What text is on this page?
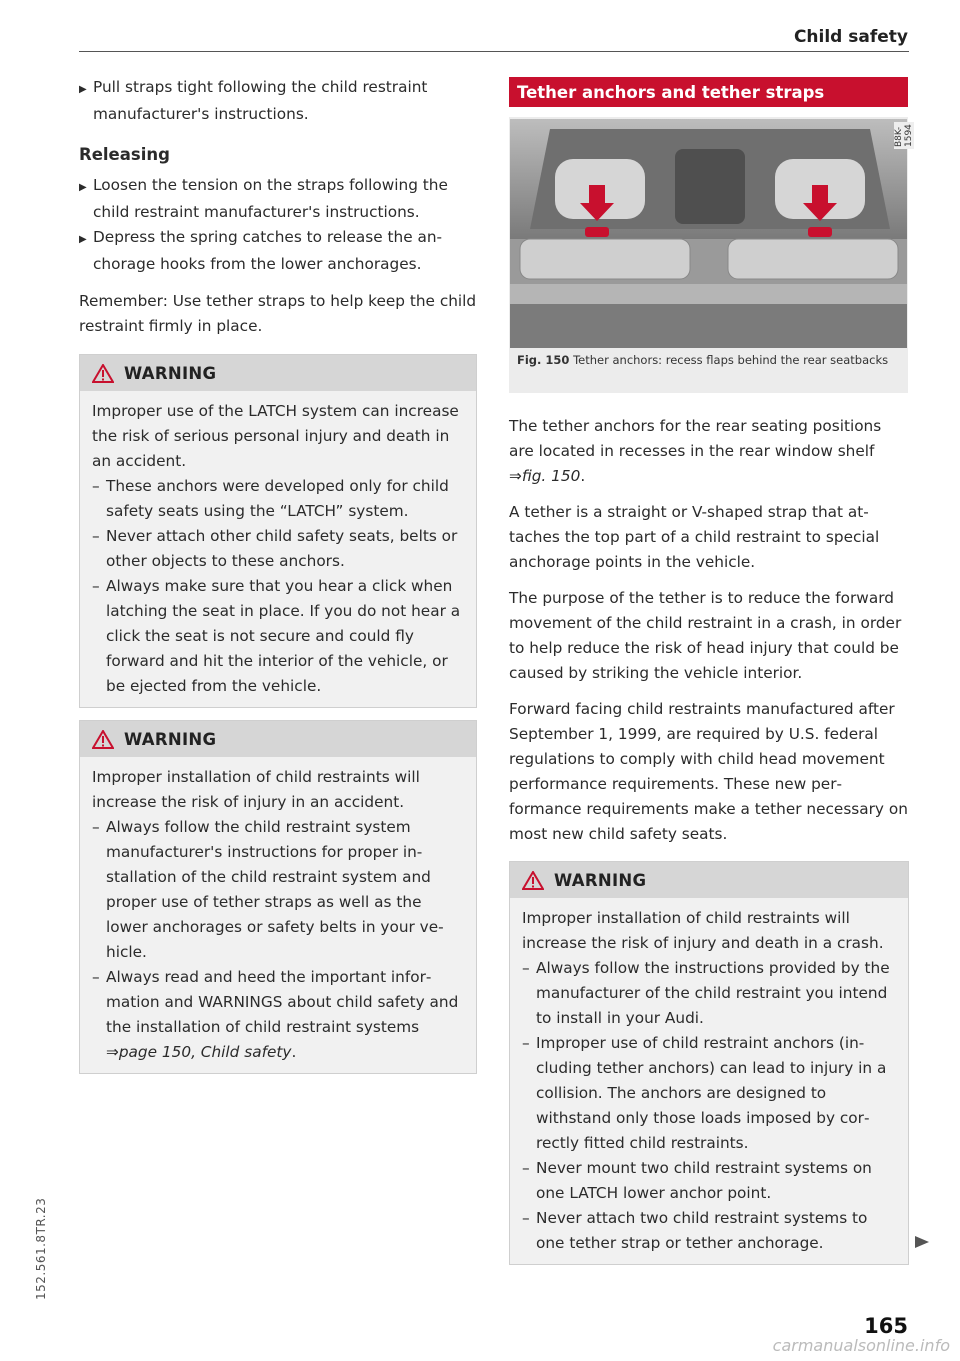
Child safety

▶ Pull straps tight following the child restraint manufacturer's instructions.

Releasing

▶ Loosen the tension on the straps following the child restraint manufacturer's instructions.

▶ Depress the spring catches to release the anchorage hooks from the lower anchorages.

Remember: Use tether straps to help keep the child restraint firmly in place.

WARNING

Improper use of the LATCH system can increase the risk of serious personal injury and death in an accident.

– These anchors were developed only for child safety seats using the “LATCH” system.

– Never attach other child safety seats, belts or other objects to these anchors.

– Always make sure that you hear a click when latching the seat in place. If you do not hear a click the seat is not secure and could fly forward and hit the interior of the vehicle, or be ejected from the vehicle.

WARNING

Improper installation of child restraints will increase the risk of injury in an accident.

– Always follow the child restraint system manufacturer's instructions for proper installation of the child restraint system and proper use of tether straps as well as the lower anchorages or safety belts in your vehicle.

– Always read and heed the important information and WARNINGS about child safety and the installation of child restraint systems ⇒page 150, Child safety.

Tether anchors and tether straps
B8K-1594
Fig. 150 Tether anchors: recess flaps behind the rear seatbacks

The tether anchors for the rear seating positions are located in recesses in the rear window shelf ⇒fig. 150.

A tether is a straight or V-shaped strap that attaches the top part of a child restraint to special anchorage points in the vehicle.

The purpose of the tether is to reduce the forward movement of the child restraint in a crash, in order to help reduce the risk of head injury that could be caused by striking the vehicle interior.

Forward facing child restraints manufactured after September 1, 1999, are required by U.S. federal regulations to comply with child head movement performance requirements. These new performance requirements make a tether necessary on most new child safety seats.

WARNING

Improper installation of child restraints will increase the risk of injury and death in a crash.

– Always follow the instructions provided by the manufacturer of the child restraint you intend to install in your Audi.

– Improper use of child restraint anchors (including tether anchors) can lead to injury in a collision. The anchors are designed to withstand only those loads imposed by correctly fitted child restraints.

– Never mount two child restraint systems on one LATCH lower anchor point.

– Never attach two child restraint systems to one tether strap or tether anchorage.

165
152.561.8TR.23
carmanualsonline.info
